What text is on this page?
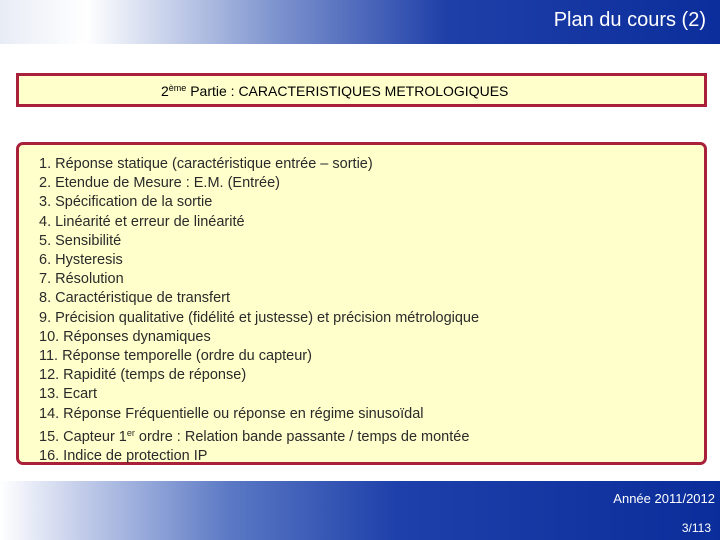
Plan du cours (2)
2ème Partie : CARACTERISTIQUES METROLOGIQUES
1. Réponse statique (caractéristique entrée – sortie)
2. Etendue de Mesure : E.M. (Entrée)
3. Spécification de la sortie
4. Linéarité et erreur de linéarité
5. Sensibilité
6. Hysteresis
7. Résolution
8. Caractéristique de transfert
9. Précision qualitative (fidélité et justesse) et précision métrologique
10. Réponses dynamiques
11. Réponse temporelle (ordre du capteur)
12. Rapidité (temps de réponse)
13. Ecart
14. Réponse Fréquentielle ou réponse en régime sinusoïdal
15. Capteur 1er ordre : Relation bande passante / temps de montée
16. Indice de protection IP
Année 2011/2012
3/113
